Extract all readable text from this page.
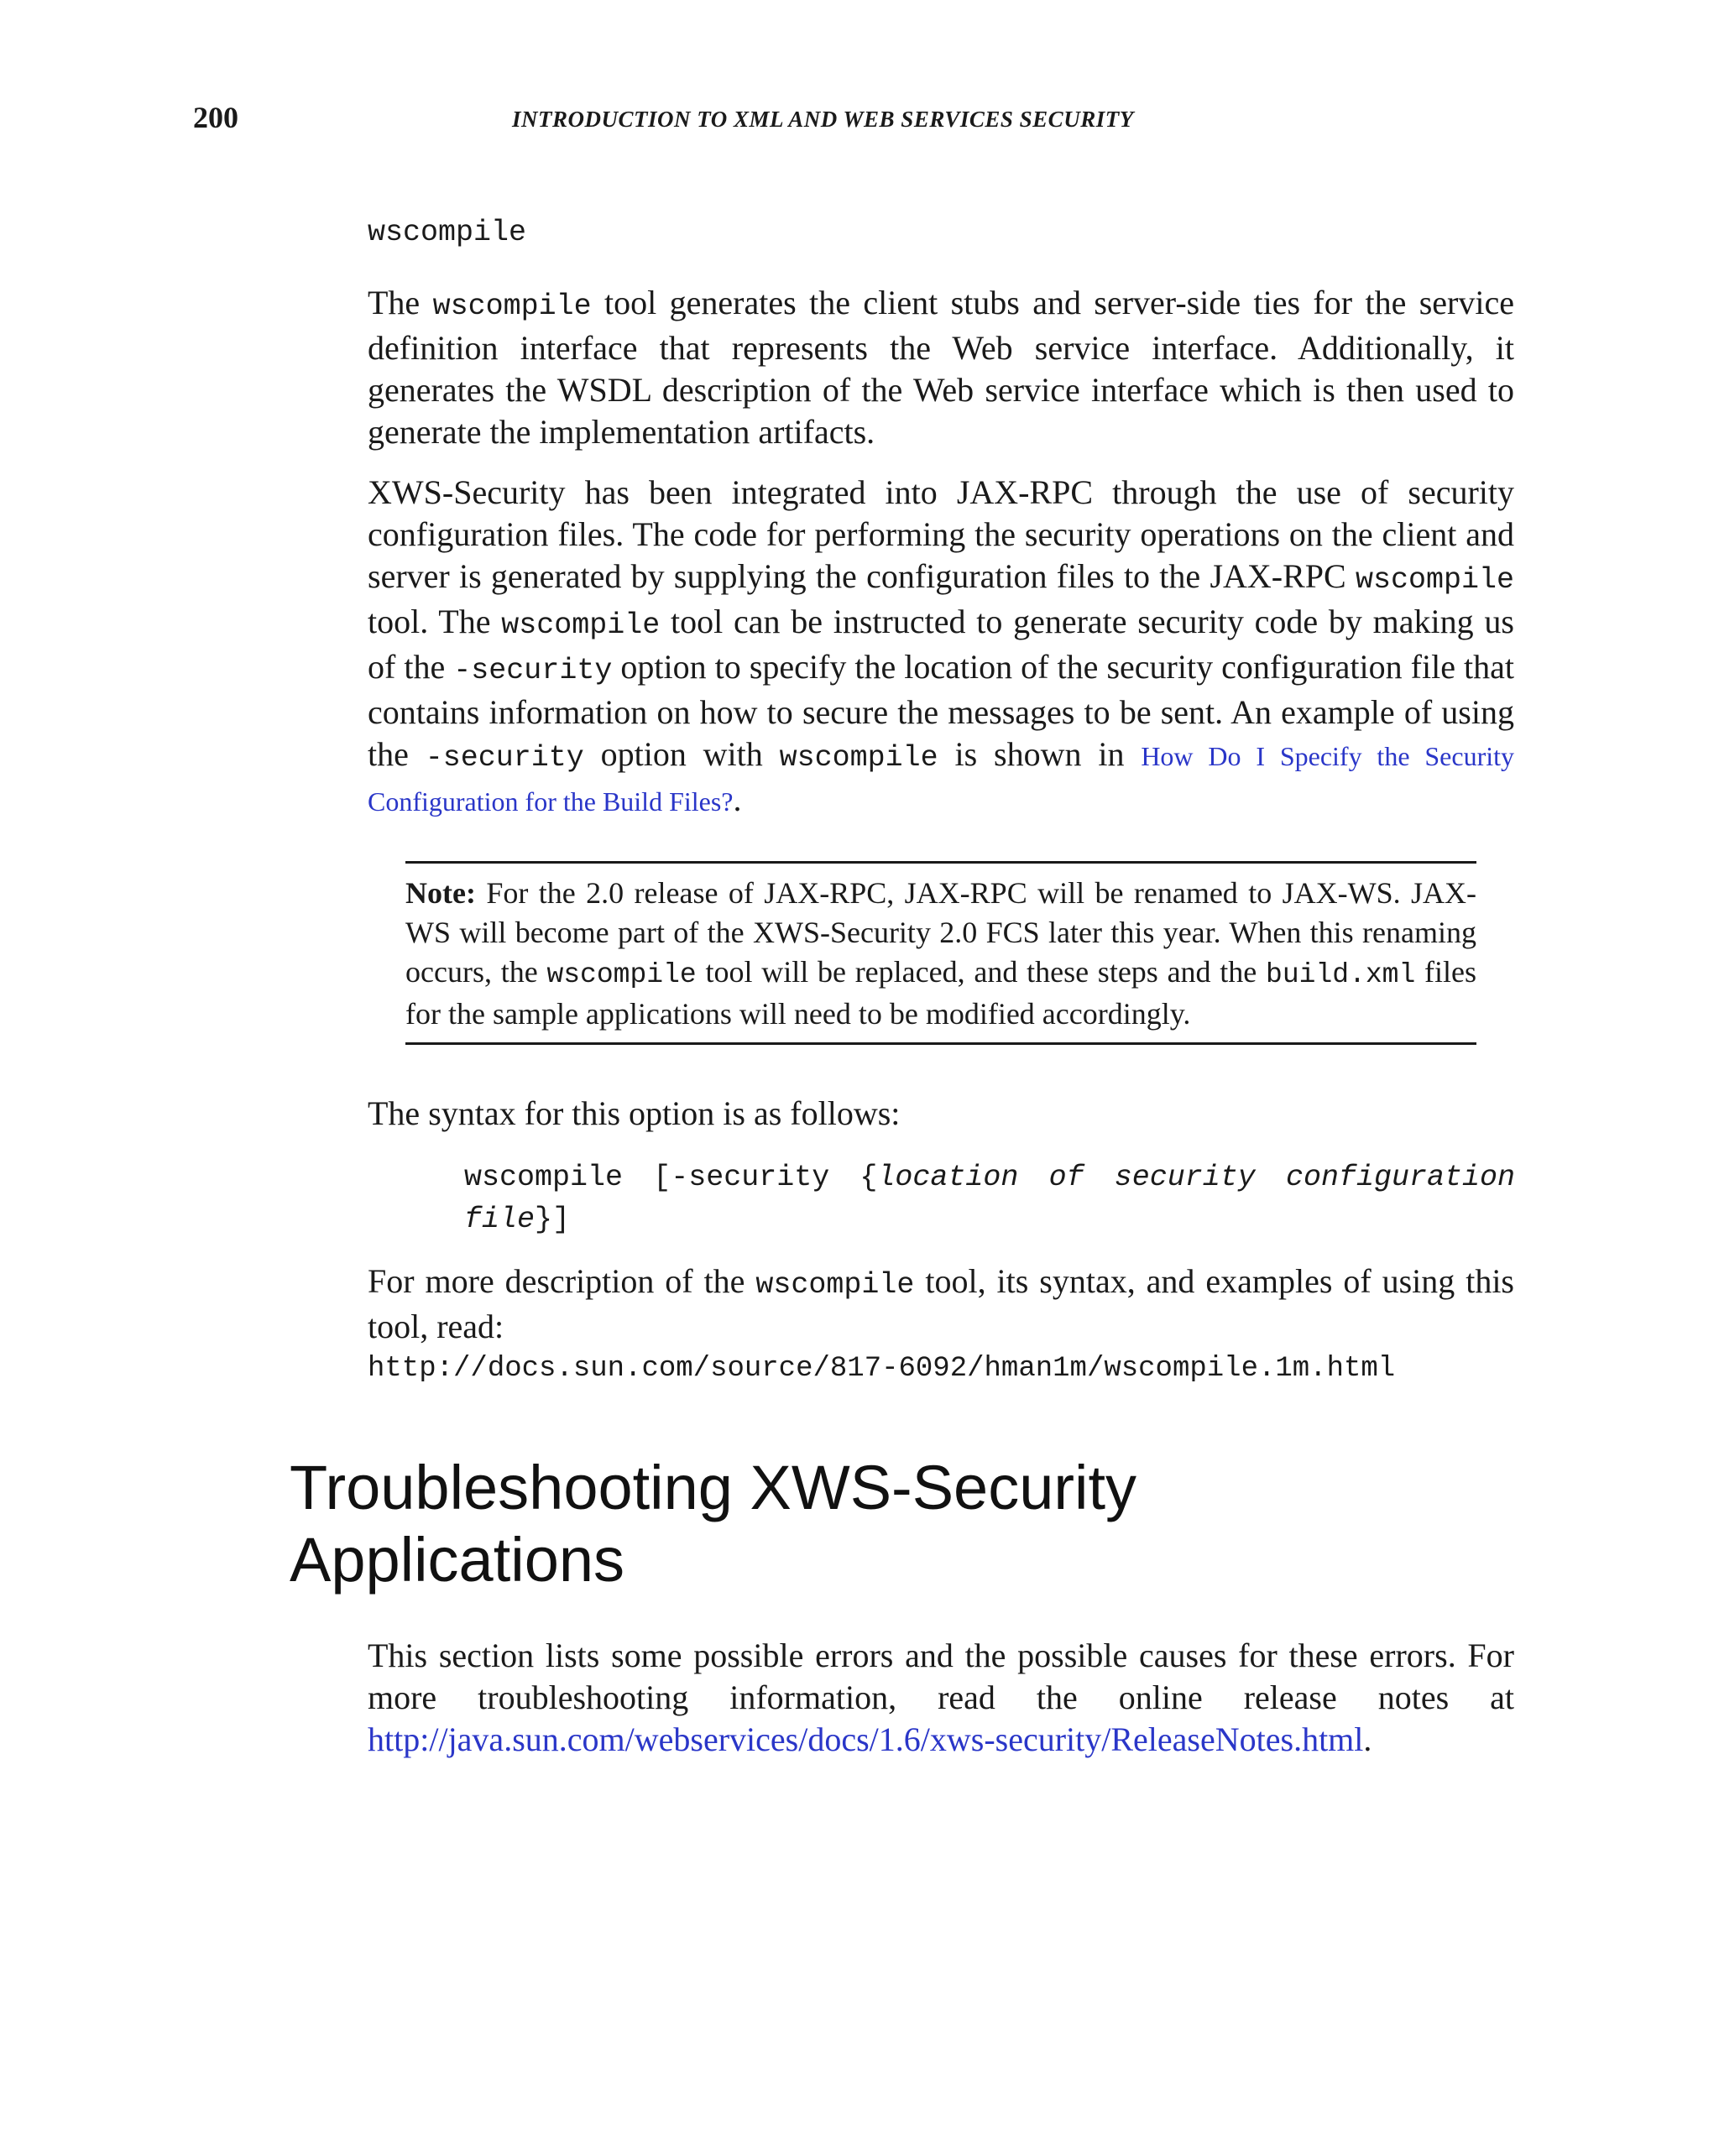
200	INTRODUCTION TO XML AND WEB SERVICES SECURITY
wscompile

The wscompile tool generates the client stubs and server-side ties for the service definition interface that represents the Web service interface. Additionally, it generates the WSDL description of the Web service interface which is then used to generate the implementation artifacts.

XWS-Security has been integrated into JAX-RPC through the use of security configuration files. The code for performing the security operations on the client and server is generated by supplying the configuration files to the JAX-RPC wscompile tool. The wscompile tool can be instructed to generate security code by making us of the -security option to specify the location of the security configuration file that contains information on how to secure the messages to be sent. An example of using the -security option with wscompile is shown in How Do I Specify the Security Configuration for the Build Files?.

Note: For the 2.0 release of JAX-RPC, JAX-RPC will be renamed to JAX-WS. JAX-WS will become part of the XWS-Security 2.0 FCS later this year. When this renaming occurs, the wscompile tool will be replaced, and these steps and the build.xml files for the sample applications will need to be modified accordingly.

The syntax for this option is as follows:

wscompile [-security {location of security configuration file}]

For more description of the wscompile tool, its syntax, and examples of using this tool, read:
http://docs.sun.com/source/817-6092/hman1m/wscompile.1m.html

Troubleshooting XWS-Security
Applications

This section lists some possible errors and the possible causes for these errors. For more troubleshooting information, read the online release notes at http://java.sun.com/webservices/docs/1.6/xws-security/ReleaseNotes.html.
